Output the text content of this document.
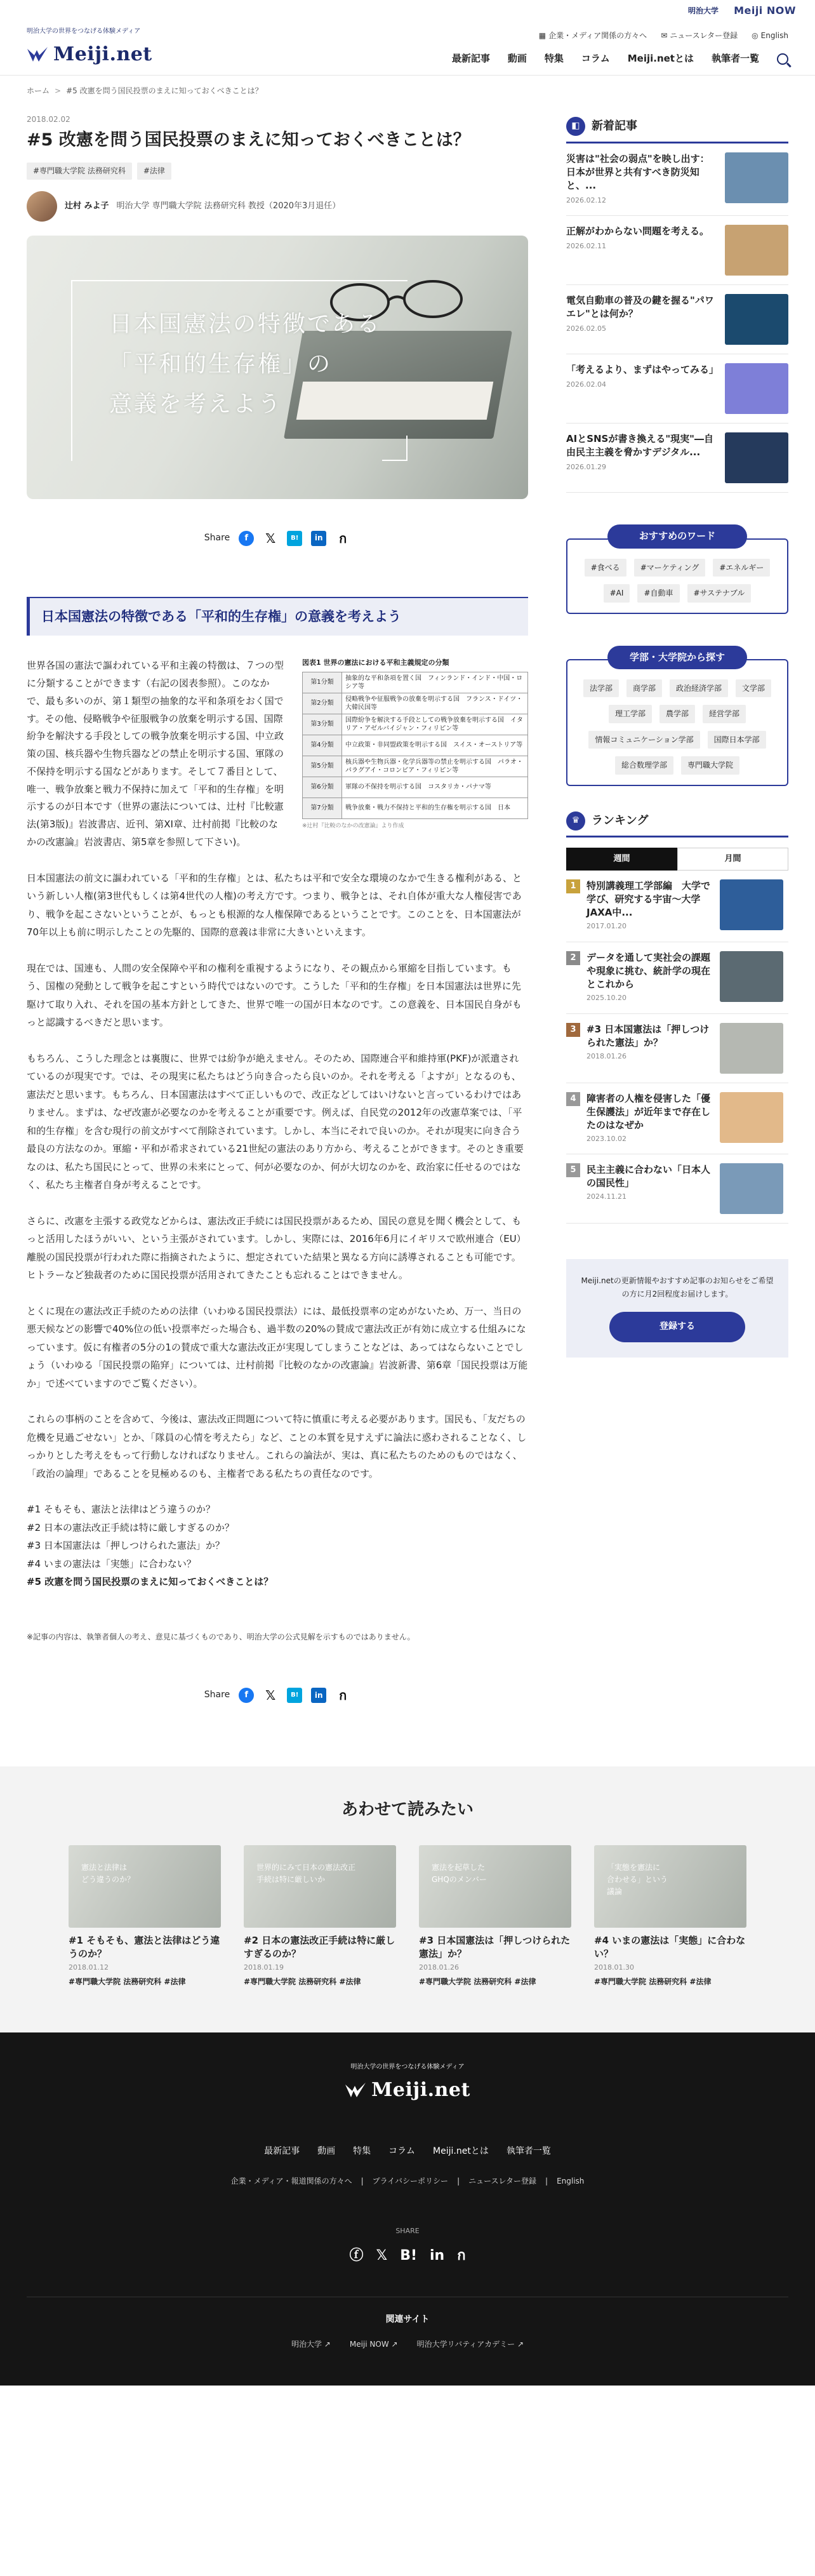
明治大学 Meiji NOW
明治大学の世界をつなげる体験メディア
Meiji.net
▦ 企業・メディア関係の方々へ ✉ ニュースレター登録 ◎ English
最新記事 動画 特集 コラム Meiji.netとは 執筆者一覧
ホーム > #5 改憲を問う国民投票のまえに知っておくべきことは？
2018.02.02
#5 改憲を問う国民投票のまえに知っておくべきことは？
#専門職大学院 法務研究科	#法律
辻村 みよ子 明治大学 専門職大学院 法務研究科 教授（2020年3月退任）
日本国憲法の特徴である
「平和的生存権」の
意義を考えよう
Share	f	𝕏	B!	in ก
日本国憲法の特徴である「平和的生存権」の意義を考えよう

世界各国の憲法で謳われている平和主義の特徴は、７つの型に分類することができます（右記の図表参照）。このなかで、最も多いのが、第１類型の抽象的な平和条項をおく国です。その他、侵略戦争や征服戦争の放棄を明示する国、国際紛争を解決する手段としての戦争放棄を明示する国、中立政策の国、核兵器や生物兵器などの禁止を明示する国、軍隊の不保持を明示する国などがあります。そして７番目として、唯一、戦争放棄と戦力不保持に加えて「平和的生存権」を明示するのが日本です（世界の憲法については、辻村『比較憲法(第3版)』岩波書店、近刊、第XI章、辻村前掲『比較のなかの改憲論』岩波書店、第5章を参照して下さい)。

図表1 世界の憲法における平和主義規定の分類
第1分類	抽象的な平和条項を置く国　フィンランド・インド・中国・ロシア等
第2分類	侵略戦争や征服戦争の放棄を明示する国　フランス・ドイツ・大韓民国等
第3分類	国際紛争を解決する手段としての戦争放棄を明示する国　イタリア・アゼルバイジャン・フィリピン等
第4分類	中立政策・非同盟政策を明示する国　スイス・オーストリア等
第5分類	核兵器や生物兵器・化学兵器等の禁止を明示する国　パラオ・パラグアイ・コロンビア・フィリピン等
第6分類	軍隊の不保持を明示する国　コスタリカ・パナマ等
第7分類	戦争放棄・戦力不保持と平和的生存権を明示する国　日本
※辻村『比較のなかの改憲論』より作成

日本国憲法の前文に謳われている「平和的生存権」とは、私たちは平和で安全な環境のなかで生きる権利がある、という新しい人権(第3世代もしくは第4世代の人権)の考え方です。つまり、戦争とは、それ自体が重大な人権侵害であり、戦争を起こさないということが、もっとも根源的な人権保障であるということです。このことを、日本国憲法が70年以上も前に明示したことの先駆的、国際的意義は非常に大きいといえます。

現在では、国連も、人間の安全保障や平和の権利を重視するようになり、その観点から軍縮を目指しています。もう、国権の発動として戦争を起こすという時代ではないのです。こうした「平和的生存権」を日本国憲法は世界に先駆けて取り入れ、それを国の基本方針としてきた、世界で唯一の国が日本なのです。この意義を、日本国民自身がもっと認識するべきだと思います。

もちろん、こうした理念とは裏腹に、世界では紛争が絶えません。そのため、国際連合平和維持軍(PKF)が派遣されているのが現実です。では、その現実に私たちはどう向き合ったら良いのか。それを考える「よすが」となるのも、憲法だと思います。もちろん、日本国憲法はすべて正しいもので、改正などしてはいけないと言っているわけではありません。まずは、なぜ改憲が必要なのかを考えることが重要です。例えば、自民党の2012年の改憲草案では、「平和的生存権」を含む現行の前文がすべて削除されています。しかし、本当にそれで良いのか。それが現実に向き合う最良の方法なのか。軍縮・平和が希求されている21世紀の憲法のあり方から、考えることができます。そのとき重要なのは、私たち国民にとって、世界の未来にとって、何が必要なのか、何が大切なのかを、政治家に任せるのではなく、私たち主権者自身が考えることです。

さらに、改憲を主張する政党などからは、憲法改正手続には国民投票があるため、国民の意見を聞く機会として、もっと活用したほうがいい、という主張がされています。しかし、実際には、2016年6月にイギリスで欧州連合（EU）離脱の国民投票が行われた際に指摘されたように、想定されていた結果と異なる方向に誘導されることも可能です。ヒトラーなど独裁者のために国民投票が活用されてきたことも忘れることはできません。

とくに現在の憲法改正手続のための法律（いわゆる国民投票法）には、最低投票率の定めがないため、万一、当日の悪天候などの影響で40%位の低い投票率だった場合も、過半数の20%の賛成で憲法改正が有効に成立する仕組みになっています。仮に有権者の5分の1の賛成で重大な憲法改正が実現してしまうことなどは、あってはならないことでしょう（いわゆる「国民投票の陥穽」については、辻村前掲『比較のなかの改憲論』岩波新書、第6章「国民投票は万能か」で述べていますのでご覧ください）。

これらの事柄のことを含めて、今後は、憲法改正問題について特に慎重に考える必要があります。国民も、「友だちの危機を見過ごせない」とか、「隊員の心情を考えたら」など、ことの本質を見すえずに論法に惑わされることなく、しっかりとした考えをもって行動しなければなりません。これらの論法が、実は、真に私たちのためのものではなく、「政治の論理」であることを見極めるのも、主権者である私たちの責任なのです。

#1 そもそも、憲法と法律はどう違うのか？
#2 日本の憲法改正手続は特に厳しすぎるのか？
#3 日本国憲法は「押しつけられた憲法」か？
#4 いまの憲法は「実態」に合わない？
#5 改憲を問う国民投票のまえに知っておくべきことは？

※記事の内容は、執筆者個人の考え、意見に基づくものであり、明治大学の公式見解を示すものではありません。

Share	f	𝕏	B!	in ก
◧	新着記事
災害は"社会の弱点"を映し出す：日本が世界と共有すべき防災知と、...
2026.02.12
正解がわからない問題を考える。
2026.02.11
電気自動車の普及の鍵を握る"パワエレ"とは何か？
2026.02.05
「考えるより、まずはやってみる」
2026.02.04
AIとSNSが書き換える"現実"―自由民主主義を脅かすデジタル...
2026.01.29
おすすめのワード
#食べる	#マーケティング	#エネルギー
#AI	#自動車	#サステナブル
学部・大学院から探す
法学部	商学部	政治経済学部	文学部
理工学部	農学部	経営学部
情報コミュニケーション学部	国際日本学部
総合数理学部	専門職大学院
♛	ランキング
週間	月間
1	特別講義理工学部編　大学で学び、研究する宇宙〜大学JAXA中...
2017.01.20
2	データを通して実社会の課題や現象に挑む、統計学の現在とこれから
2025.10.20
3	#3 日本国憲法は「押しつけられた憲法」か？
2018.01.26
4	障害者の人権を侵害した「優生保護法」が近年まで存在したのはなぜか
2023.10.02
5	民主主義に合わない「日本人の国民性」
2024.11.21

Meiji.netの更新情報やおすすめ記事のお知らせをご希望の方に月2回程度お届けします。

登録する
あわせて読みたい
憲法と法律は
どう違うのか？
#1 そもそも、憲法と法律はどう違うのか？
2018.01.12
#専門職大学院 法務研究科 #法律
世界的にみて日本の憲法改正
手続は特に厳しいか
#2 日本の憲法改正手続は特に厳しすぎるのか？
2018.01.19
#専門職大学院 法務研究科 #法律
憲法を起草した
GHQのメンバー
#3 日本国憲法は「押しつけられた憲法」か？
2018.01.26
#専門職大学院 法務研究科 #法律
「実態を憲法に
合わせる」という
議論
#4 いまの憲法は「実態」に合わない？
2018.01.30
#専門職大学院 法務研究科 #法律
明治大学の世界をつなげる体験メディア
Meiji.net
最新記事 動画 特集 コラム Meiji.netとは 執筆者一覧
企業・メディア・報道関係の方々へ | プライバシーポリシー | ニュースレター登録 | English
SHARE
ⓕ 𝕏 B! in ก
関連サイト
明治大学 ↗	Meiji NOW ↗	明治大学リバティアカデミー ↗
